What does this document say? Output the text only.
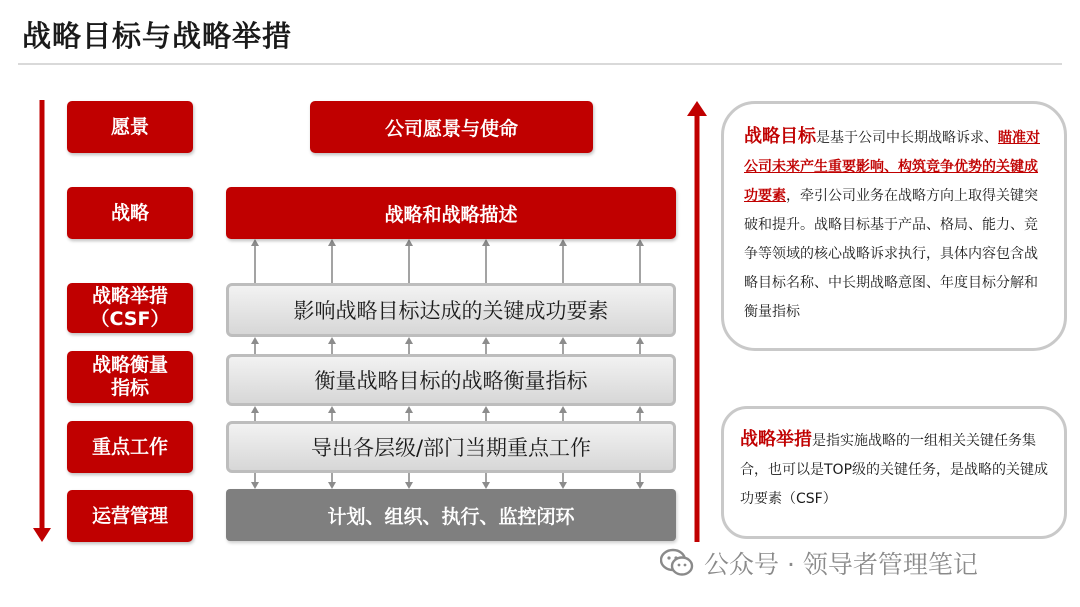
战略目标与战略举措
愿景
战略
战略举措
（CSF）
战略衡量
指标
重点工作
运营管理
公司愿景与使命
战略和战略描述
影响战略目标达成的关键成功要素
衡量战略目标的战略衡量指标
导出各层级/部门当期重点工作
计划、组织、执行、监控闭环
战略目标是基于公司中长期战略诉求、瞄准对公司未来产生重要影响、构筑竞争优势的关键成功要素，牵引公司业务在战略方向上取得关键突破和提升。战略目标基于产品、格局、能力、竞争等领域的核心战略诉求执行，具体内容包含战略目标名称、中长期战略意图、年度目标分解和衡量指标
战略举措是指实施战略的一组相关关键任务集合，也可以是TOP级的关键任务，是战略的关键成功要素（CSF）
公众号 · 领导者管理笔记
